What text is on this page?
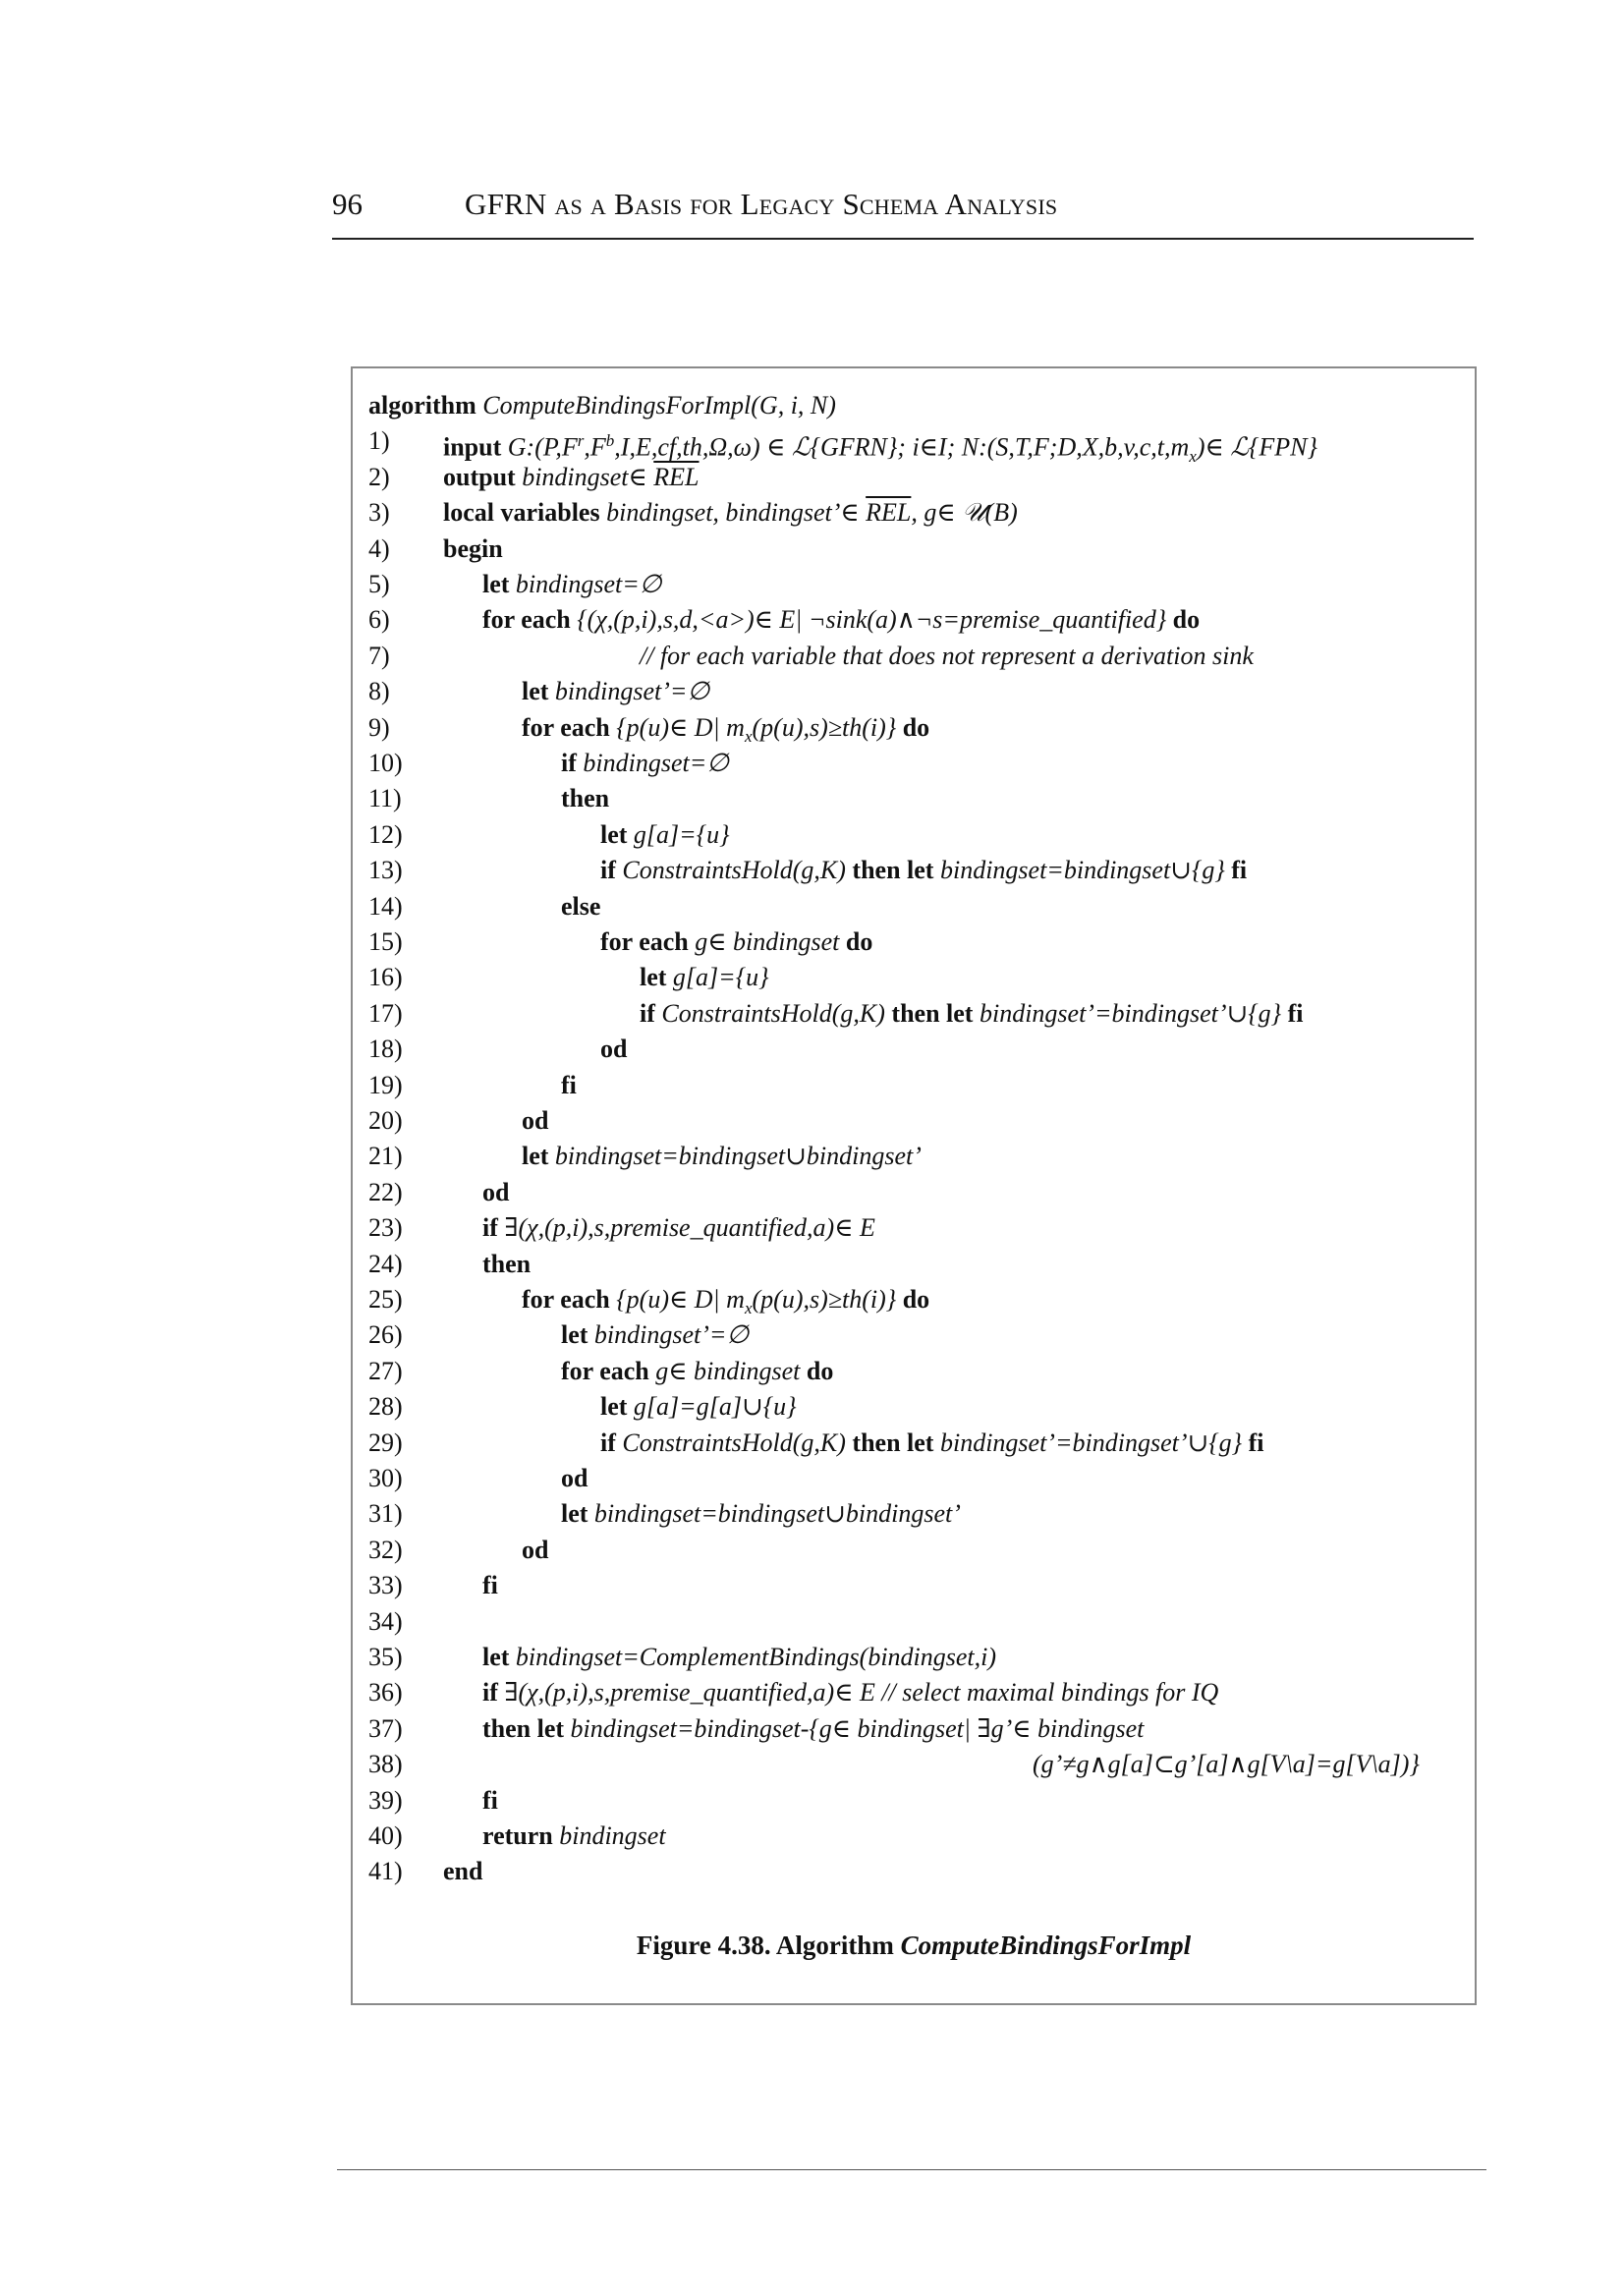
96	GFRN as a Basis for Legacy Schema Analysis
Figure 4.38. Algorithm ComputeBindingsForImpl
algorithm ComputeBindingsForImpl(G, i, N)
1)	input $G:(P,F^r,F^b,I,E,cf,th,\Omega,\omega)$ ∈ ℒ{GFRN}; i∈I; $N:(S,T,F;D,X,b,v,c,t,m_x)\in$ ℒ{FPN}
2)	output bindingset∈ $\overline{REL}$
3)	local variables bindingset, bindingset’∈ $\overline{REL}$, g∈ 𝒰(B)
4)	begin
5)	let bindingset=∅
6)	for each {(χ,(p,i),s,d,<a>)∈ E| ¬sink(a)∧¬s=premise_quantified} do
7)	// for each variable that does not represent a derivation sink
8)	let bindingset’=∅
9)	for each {p(u)∈ D| $m_x(p(u),s)\ge th(i)$} do
10)	if bindingset=∅
11)	then
12)	let g[a]={u}
13)	if ConstraintsHold(g,K) then let bindingset=bindingset∪{g} fi
14)	else
15)	for each g∈ bindingset do
16)	let g[a]={u}
17)	if ConstraintsHold(g,K) then let bindingset’=bindingset’∪{g} fi
18)	od
19)	fi
20)	od
21)	let bindingset=bindingset∪bindingset’
22)	od
23)	if ∃(χ,(p,i),s,premise_quantified,a)∈ E
24)	then
25)	for each {p(u)∈ D| $m_x(p(u),s)\ge th(i)$} do
26)	let bindingset’=∅
27)	for each g∈ bindingset do
28)	let g[a]=g[a]∪{u}
29)	if ConstraintsHold(g,K) then let bindingset’=bindingset’∪{g} fi
30)	od
31)	let bindingset=bindingset∪bindingset’
32)	od
33)	fi
34)
35)	let bindingset=ComplementBindings(bindingset,i)
36)	if ∃(χ,(p,i),s,premise_quantified,a)∈ E // select maximal bindings for IQ
37)	then let bindingset=bindingset-{g∈ bindingset| ∃g’∈ bindingset
38)	(g’≠g∧g[a]⊂g’[a]∧g[V\a]=g[V\a])}
39)	fi
40)	return bindingset
41)	end
